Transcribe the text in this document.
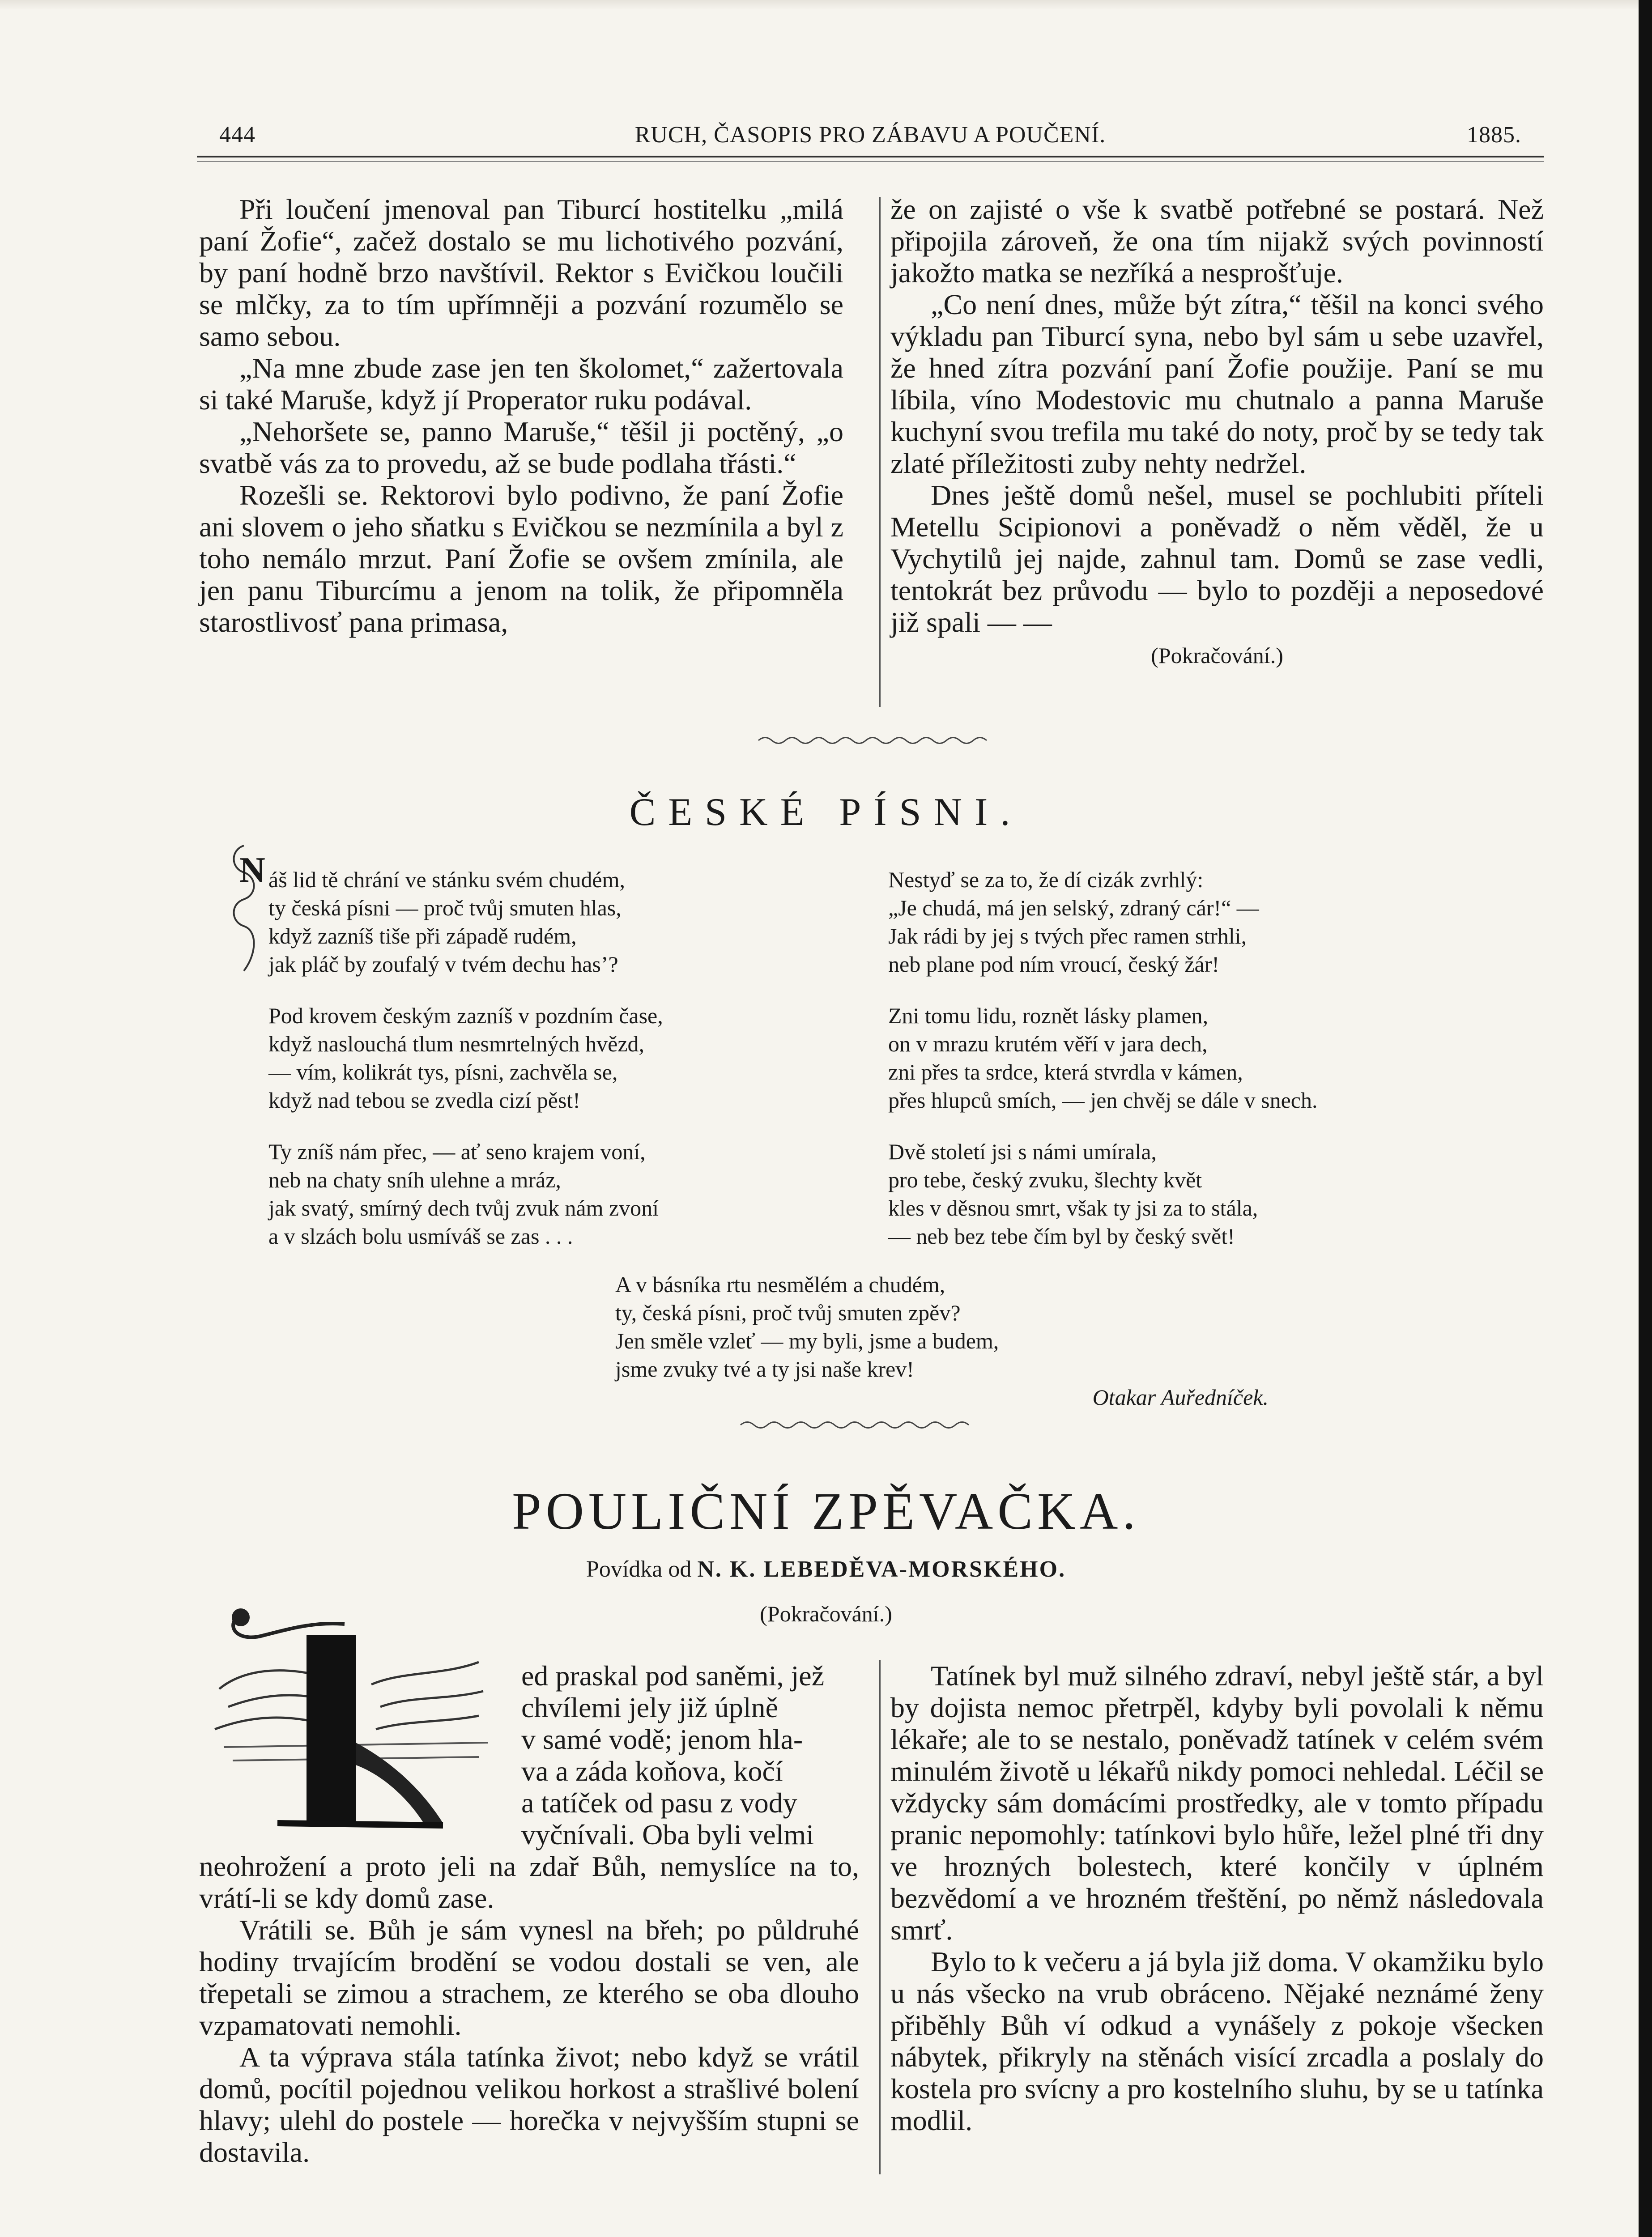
444	RUCH, ČASOPIS PRO ZÁBAVU A POUČENÍ.	1885.

Při loučení jmenoval pan Tiburcí hostitelku „milá paní Žofie“, začež dostalo se mu lichotivého pozvání, by paní hodně brzo navštívil. Rektor s Evičkou loučili se mlčky, za to tím upřímněji a pozvání rozumělo se samo sebou.

„Na mne zbude zase jen ten školomet,“ zažertovala si také Maruše, když jí Properator ruku podával.

„Nehoršete se, panno Maruše,“ těšil ji poctěný, „o svatbě vás za to provedu, až se bude podlaha třásti.“

Rozešli se. Rektorovi bylo podivno, že paní Žofie ani slovem o jeho sňatku s Evičkou se nezmínila a byl z toho nemálo mrzut. Paní Žofie se ovšem zmínila, ale jen panu Tiburcímu a jenom na tolik, že připomněla starostlivosť pana primasa,

že on zajisté o vše k svatbě potřebné se postará. Než připojila zároveň, že ona tím nijakž svých povinností jakožto matka se nezříká a nesprošťuje.

„Co není dnes, může být zítra,“ těšil na konci svého výkladu pan Tiburcí syna, nebo byl sám u sebe uzavřel, že hned zítra pozvání paní Žofie použije. Paní se mu líbila, víno Modestovic mu chutnalo a panna Maruše kuchyní svou trefila mu také do noty, proč by se tedy tak zlaté příležitosti zuby nehty nedržel.

Dnes ještě domů nešel, musel se pochlubiti příteli Metellu Scipionovi a poněvadž o něm věděl, že u Vychytilů jej najde, zahnul tam. Domů se zase vedli, tentokrát bez průvodu — bylo to později a neposedové již spali — —

(Pokračování.)
ČESKÉ PÍSNI.
N áš lid tě chrání ve stánku svém chudém,
ty česká písni — proč tvůj smuten hlas,
když zazníš tiše při západě rudém,
jak pláč by zoufalý v tvém dechu hasʼ?
Pod krovem českým zazníš v pozdním čase,
když naslouchá tlum nesmrtelných hvězd,
— vím, kolikrát tys, písni, zachvěla se,
když nad tebou se zvedla cizí pěst!
Ty zníš nám přec, — ať seno krajem voní,
neb na chaty sníh ulehne a mráz,
jak svatý, smírný dech tvůj zvuk nám zvoní
a v slzách bolu usmíváš se zas . . .
Nestyď se za to, že dí cizák zvrhlý:
„Je chudá, má jen selský, zdraný cár!“ —
Jak rádi by jej s tvých přec ramen strhli,
neb plane pod ním vroucí, český žár!
Zni tomu lidu, roznět lásky plamen,
on v mrazu krutém věří v jara dech,
zni přes ta srdce, která stvrdla v kámen,
přes hlupců smích, — jen chvěj se dále v snech.
Dvě století jsi s námi umírala,
pro tebe, český zvuku, šlechty květ
kles v děsnou smrt, však ty jsi za to stála,
— neb bez tebe čím byl by český svět!
A v básníka rtu nesmělém a chudém,
ty, česká písni, proč tvůj smuten zpěv?
Jen směle vzleť — my byli, jsme a budem,
jsme zvuky tvé a ty jsi naše krev!
Otakar Auředníček.
POULIČNÍ ZPĚVAČKA.
Povídka od N. K. LEBEDĚVA-MORSKÉHO.
(Pokračování.)
ed praskal pod saněmi, jež
chvílemi jely již úplně
v samé vodě; jenom hla-
va a záda koňova, kočí
a tatíček od pasu z vody
vyčnívali. Oba byli velmi

neohrožení a proto jeli na zdař Bůh, nemyslíce na to, vrátí-li se kdy domů zase.

Vrátili se. Bůh je sám vynesl na břeh; po půldruhé hodiny trvajícím brodění se vodou dostali se ven, ale třepetali se zimou a strachem, ze kterého se oba dlouho vzpamatovati nemohli.

A ta výprava stála tatínka život; nebo když se vrátil domů, pocítil pojednou velikou horkost a strašlivé bolení hlavy; ulehl do postele — horečka v nejvyšším stupni se dostavila.

Tatínek byl muž silného zdraví, nebyl ještě stár, a byl by dojista nemoc přetrpěl, kdyby byli povolali k němu lékaře; ale to se nestalo, poněvadž tatínek v celém svém minulém životě u lékařů nikdy pomoci nehledal. Léčil se vždycky sám domácími prostředky, ale v tomto případu pranic nepomohly: tatínkovi bylo hůře, ležel plné tři dny ve hrozných bolestech, které končily v úplném bezvědomí a ve hrozném třeštění, po němž následovala smrť.

Bylo to k večeru a já byla již doma. V okamžiku bylo u nás všecko na vrub obráceno. Nějaké neznámé ženy přiběhly Bůh ví odkud a vynášely z pokoje všecken nábytek, přikryly na stěnách visící zrcadla a poslaly do kostela pro svícny a pro kostelního sluhu, by se u tatínka modlil.
